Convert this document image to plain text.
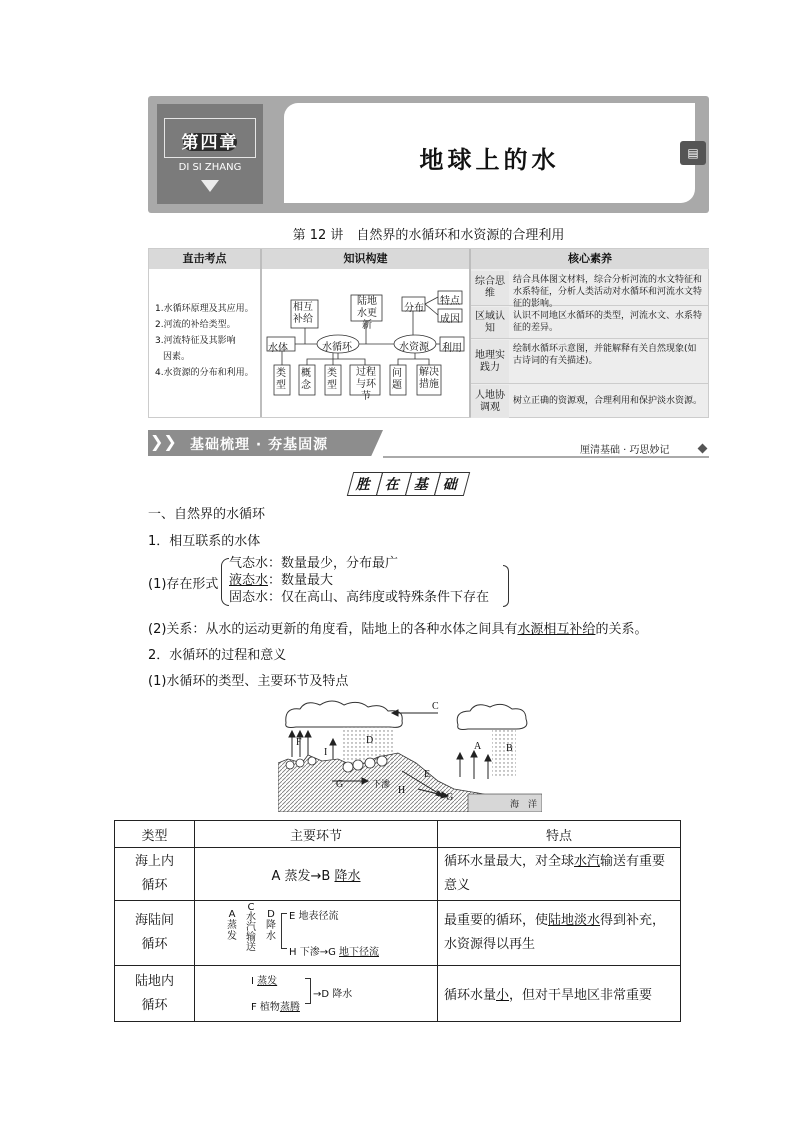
第四章
DI SI ZHANG	地球上的水	▤
第 12 讲　自然界的水循环和水资源的合理利用
直击考点	知识构建	核心素养
1.水循环原理及其应用。
2.河流的补给类型。
3.河流特征及其影响
因素。
4.水资源的分布和利用。
水体	水循环	水资源
相互补给
陆地水更新
分布
特点
成因
利用
类型
概念
类型
过程与环节
问题
解决措施
综合思维
结合具体图文材料，综合分析河流的水文特征和水系特征，分析人类活动对水循环和河流水文特征的影响。
区域认知
认识不同地区水循环的类型，河流水文、水系特征的差异。
地理实践力
绘制水循环示意图，并能解释有关自然现象(如古诗词的有关描述)。
人地协调观
树立正确的资源观，合理利用和保护淡水资源。
❯❯ 基础梳理 · 夯基固源	厘清基础 · 巧思妙记
胜 在 基 础
一、自然界的水循环
1．相互联系的水体
(1)存在形式
气态水：数量最少，分布最广
液态水：数量最大
固态水：仅在高山、高纬度或特殊条件下存在
(2)关系：从水的运动更新的角度看，陆地上的各种水体之间具有水源相互补给的关系。
2．水循环的过程和意义
(1)水循环的类型、主要环节及特点
A B
C
D
E
F
G
G
H
I
下渗
海　洋
类型	主要环节	特点
海上内循环	A 蒸发→B 降水	循环水量最大，对全球水汽输送有重要意义
海陆间循环	A 蒸发
C 水汽输送
D 降水
E 地表径流
H 下渗→G 地下径流	最重要的循环，使陆地淡水得到补充，水资源得以再生
陆地内循环	I 蒸发
F 植物蒸腾
→D 降水	循环水量小，但对干旱地区非常重要
